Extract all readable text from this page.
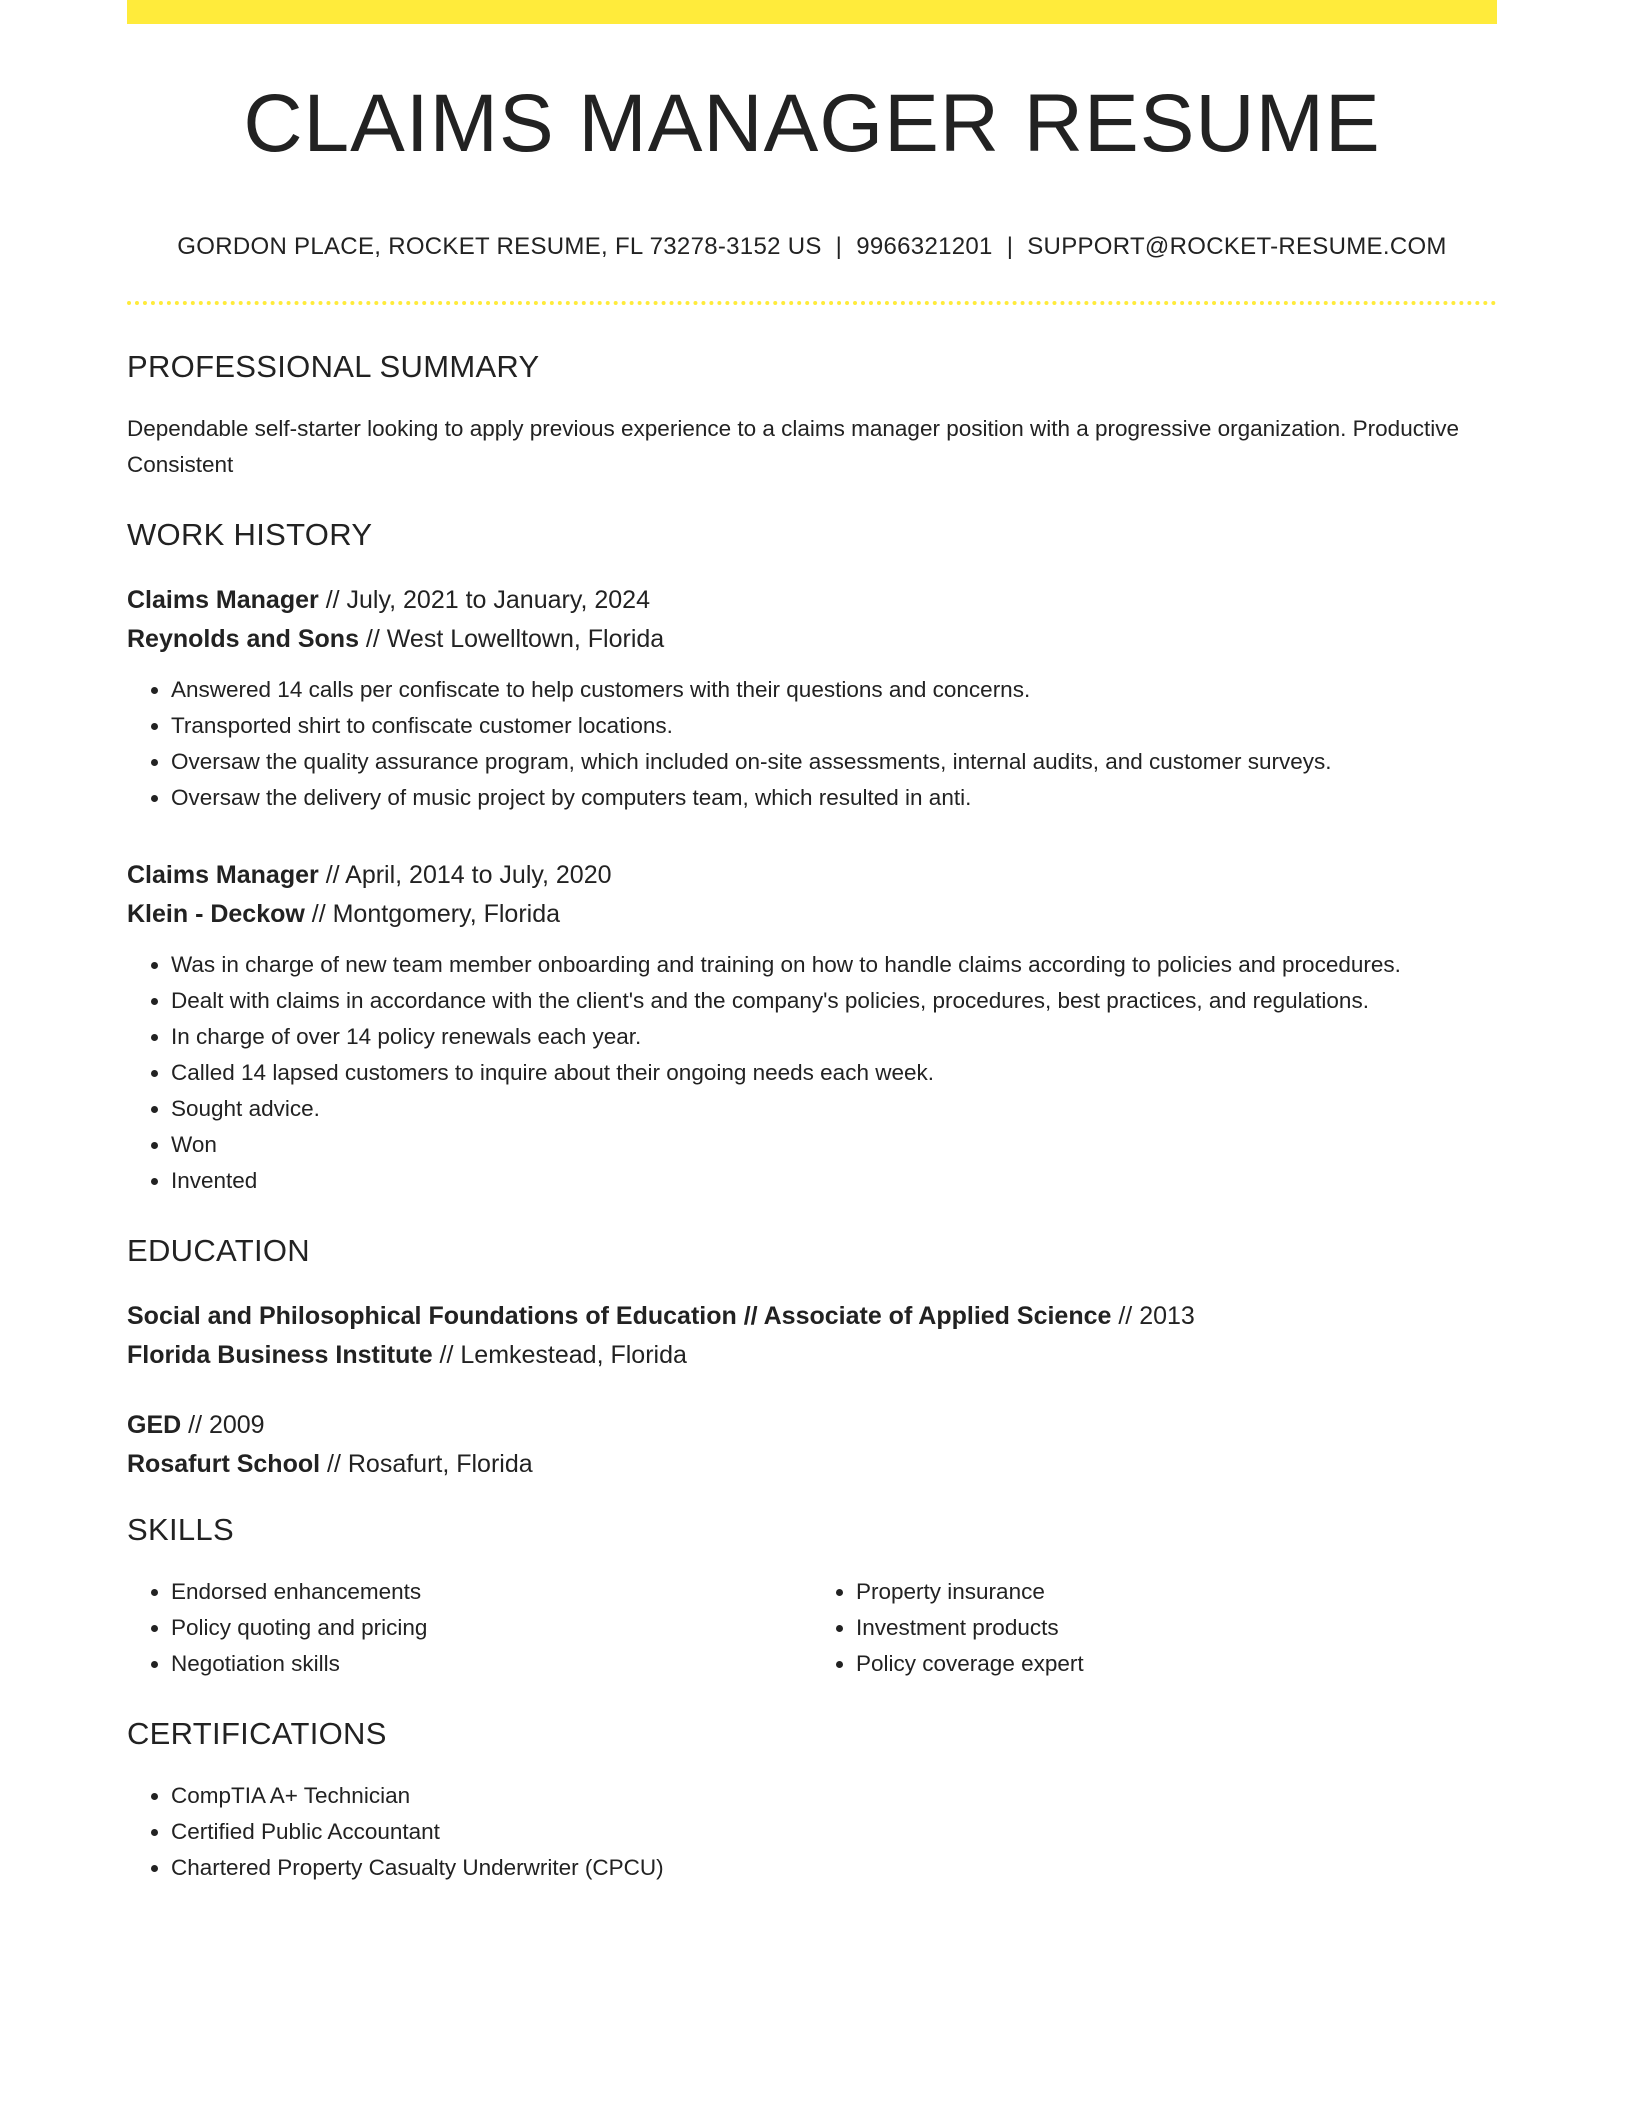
CLAIMS MANAGER RESUME
GORDON PLACE, ROCKET RESUME, FL 73278-3152 US | 9966321201 | SUPPORT@ROCKET-RESUME.COM
PROFESSIONAL SUMMARY
Dependable self-starter looking to apply previous experience to a claims manager position with a progressive organization. Productive Consistent
WORK HISTORY
Claims Manager // July, 2021 to January, 2024
Reynolds and Sons // West Lowelltown, Florida
• Answered 14 calls per confiscate to help customers with their questions and concerns.
• Transported shirt to confiscate customer locations.
• Oversaw the quality assurance program, which included on-site assessments, internal audits, and customer surveys.
• Oversaw the delivery of music project by computers team, which resulted in anti.
Claims Manager // April, 2014 to July, 2020
Klein - Deckow // Montgomery, Florida
• Was in charge of new team member onboarding and training on how to handle claims according to policies and procedures.
• Dealt with claims in accordance with the client's and the company's policies, procedures, best practices, and regulations.
• In charge of over 14 policy renewals each year.
• Called 14 lapsed customers to inquire about their ongoing needs each week.
• Sought advice.
• Won
• Invented
EDUCATION
Social and Philosophical Foundations of Education // Associate of Applied Science // 2013
Florida Business Institute // Lemkestead, Florida
GED // 2009
Rosafurt School // Rosafurt, Florida
SKILLS
• Endorsed enhancements
• Policy quoting and pricing
• Negotiation skills
• Property insurance
• Investment products
• Policy coverage expert
CERTIFICATIONS
• CompTIA A+ Technician
• Certified Public Accountant
• Chartered Property Casualty Underwriter (CPCU)
